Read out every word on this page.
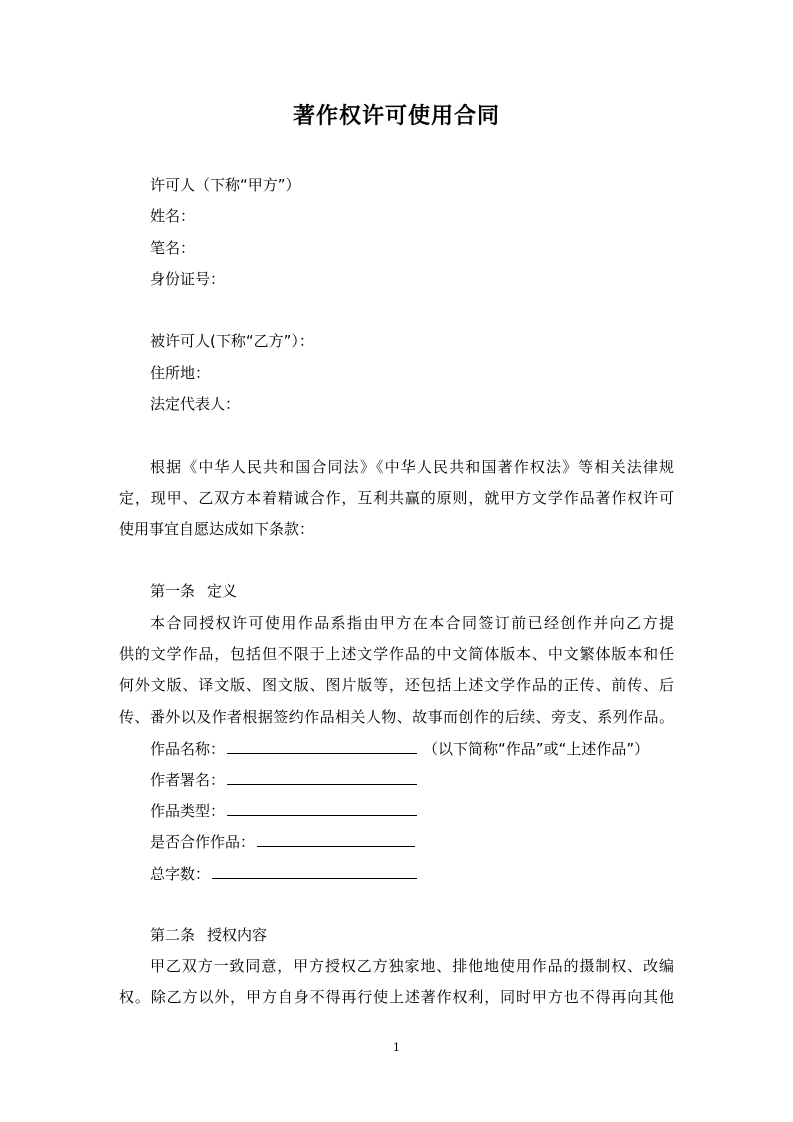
著作权许可使用合同
许可人（下称“甲方”）
姓名：
笔名：
身份证号：
被许可人(下称“乙方”）：
住所地：
法定代表人：
根据《中华人民共和国合同法》《中华人民共和国著作权法》等相关法律规
定，现甲、乙双方本着精诚合作，互利共赢的原则，就甲方文学作品著作权许可
使用事宜自愿达成如下条款：
第一条 定义
本合同授权许可使用作品系指由甲方在本合同签订前已经创作并向乙方提
供的文学作品，包括但不限于上述文学作品的中文简体版本、中文繁体版本和任
何外文版、译文版、图文版、图片版等，还包括上述文学作品的正传、前传、后
传、番外以及作者根据签约作品相关人物、故事而创作的后续、旁支、系列作品。
作品名称：	（以下简称“作品”或“上述作品”）
作者署名：
作品类型：
是否合作作品：
总字数：
第二条 授权内容
甲乙双方一致同意，甲方授权乙方独家地、排他地使用作品的摄制权、改编
权。除乙方以外，甲方自身不得再行使上述著作权利，同时甲方也不得再向其他
1
